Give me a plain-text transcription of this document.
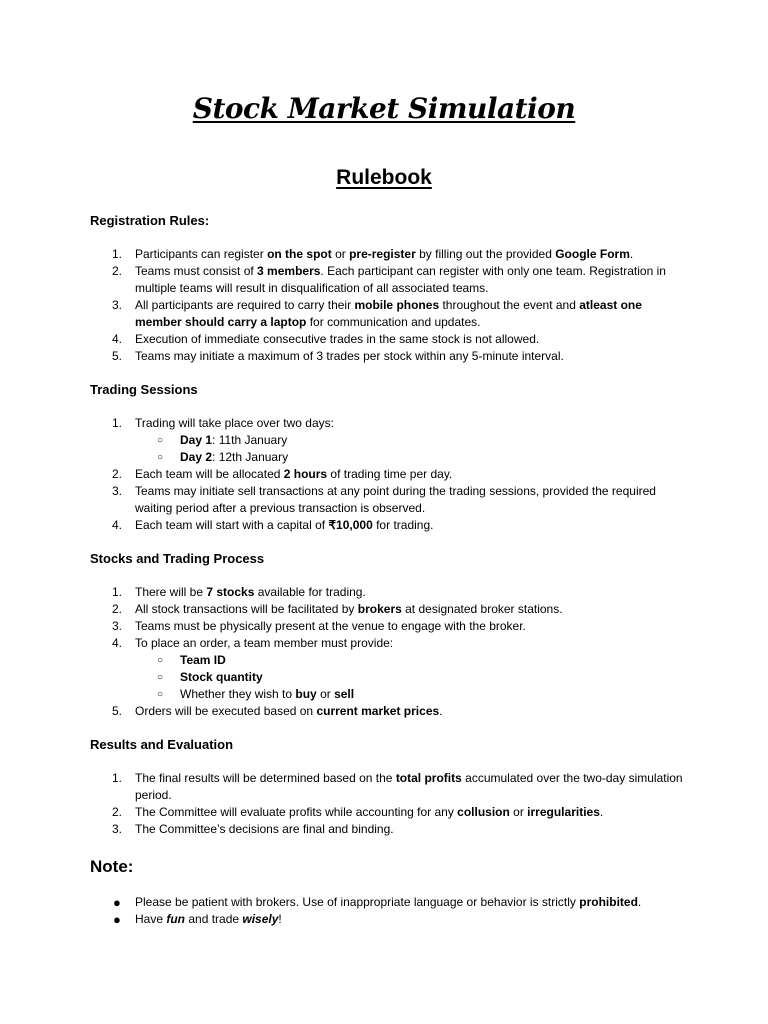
Stock Market Simulation
Rulebook
Registration Rules:
1. Participants can register on the spot or pre-register by filling out the provided Google Form.
2. Teams must consist of 3 members. Each participant can register with only one team. Registration in multiple teams will result in disqualification of all associated teams.
3. All participants are required to carry their mobile phones throughout the event and atleast one member should carry a laptop for communication and updates.
4. Execution of immediate consecutive trades in the same stock is not allowed.
5. Teams may initiate a maximum of 3 trades per stock within any 5-minute interval.
Trading Sessions
1. Trading will take place over two days:
○ Day 1: 11th January
○ Day 2: 12th January
2. Each team will be allocated 2 hours of trading time per day.
3. Teams may initiate sell transactions at any point during the trading sessions, provided the required waiting period after a previous transaction is observed.
4. Each team will start with a capital of ₹10,000 for trading.
Stocks and Trading Process
1. There will be 7 stocks available for trading.
2. All stock transactions will be facilitated by brokers at designated broker stations.
3. Teams must be physically present at the venue to engage with the broker.
4. To place an order, a team member must provide:
○ Team ID
○ Stock quantity
○ Whether they wish to buy or sell
5. Orders will be executed based on current market prices.
Results and Evaluation
1. The final results will be determined based on the total profits accumulated over the two-day simulation period.
2. The Committee will evaluate profits while accounting for any collusion or irregularities.
3. The Committee’s decisions are final and binding.
Note:
● Please be patient with brokers. Use of inappropriate language or behavior is strictly prohibited.
● Have fun and trade wisely!
